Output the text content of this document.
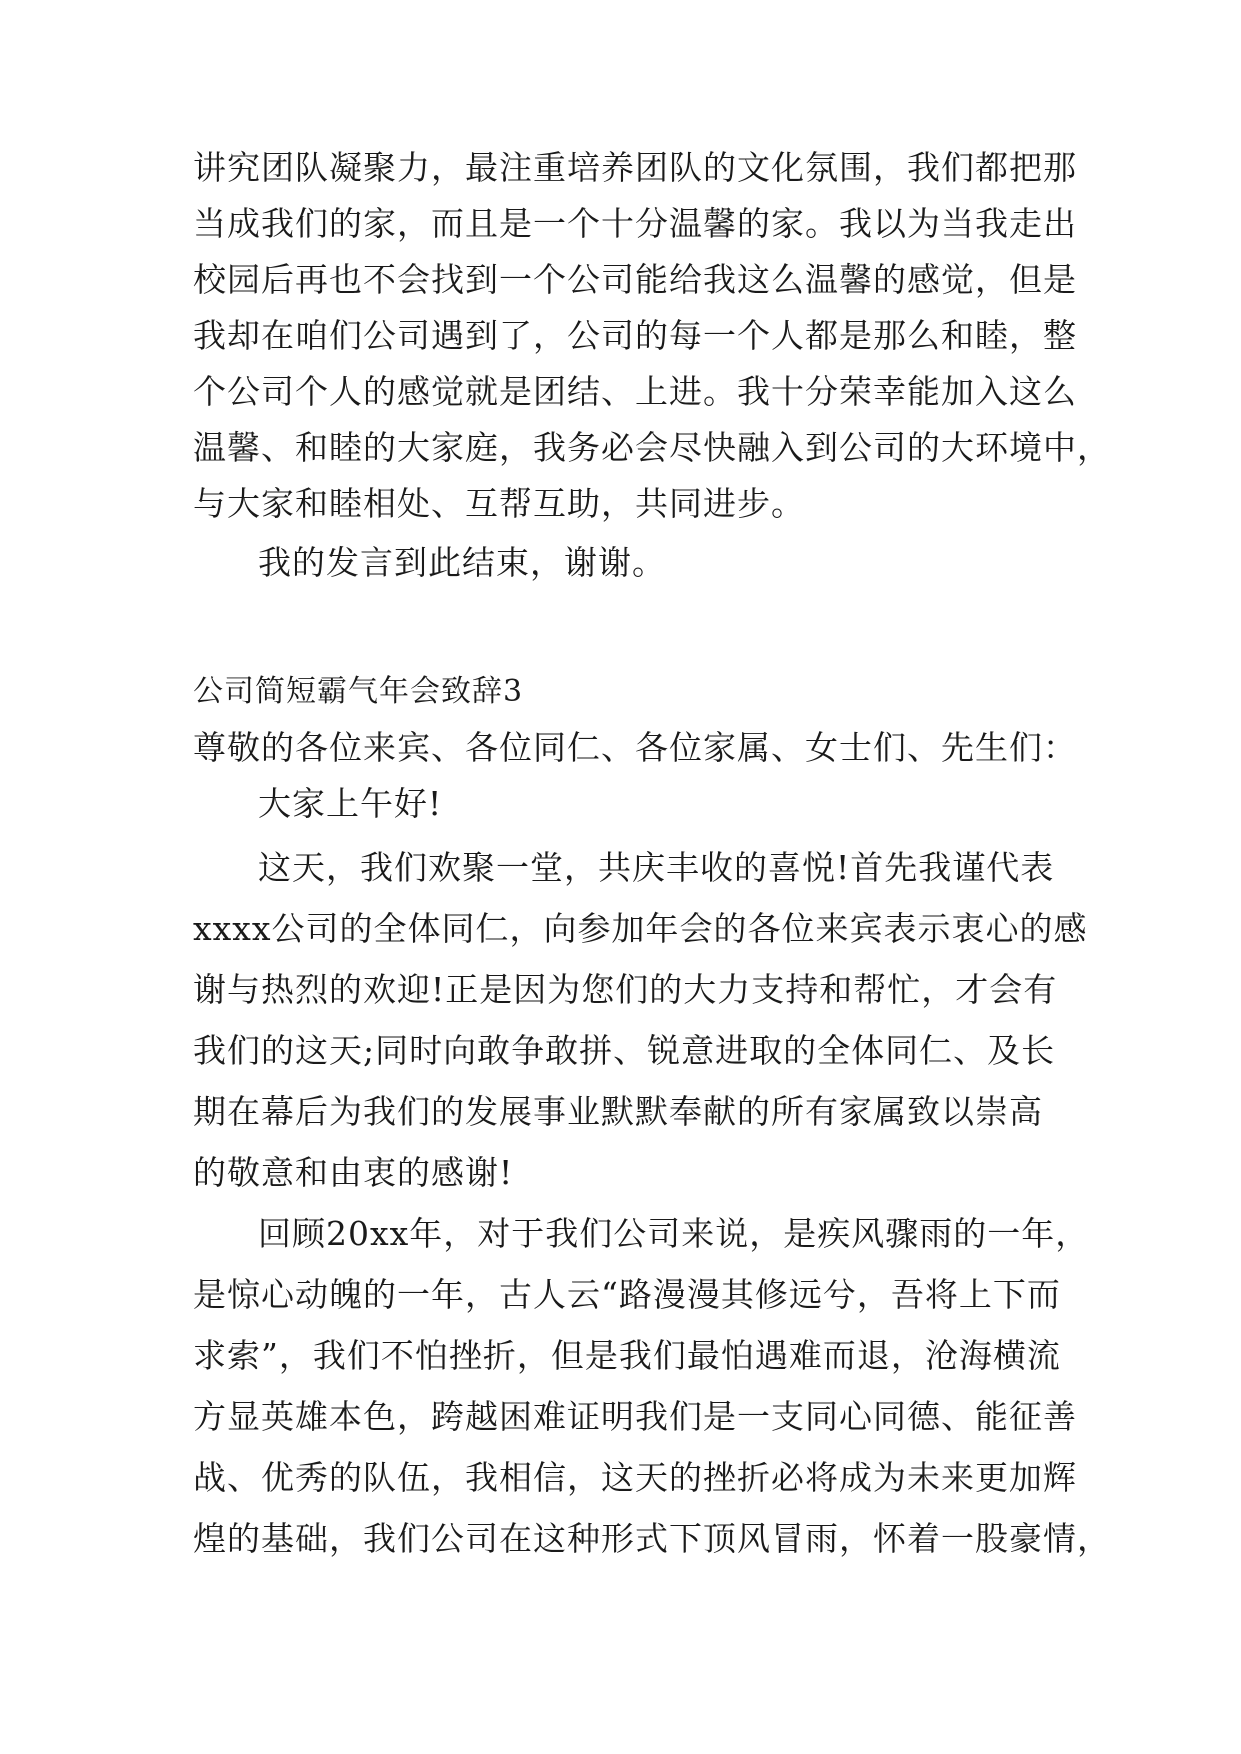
讲究团队凝聚力，最注重培养团队的文化氛围，我们都把那
当成我们的家，而且是一个十分温馨的家。我以为当我走出
校园后再也不会找到一个公司能给我这么温馨的感觉，但是
我却在咱们公司遇到了，公司的每一个人都是那么和睦，整
个公司个人的感觉就是团结、上进。我十分荣幸能加入这么
温馨、和睦的大家庭，我务必会尽快融入到公司的大环境中，
与大家和睦相处、互帮互助，共同进步。
我的发言到此结束，谢谢。
公司简短霸气年会致辞3
尊敬的各位来宾、各位同仁、各位家属、女士们、先生们：
大家上午好!
这天，我们欢聚一堂，共庆丰收的喜悦!首先我谨代表
xxxx公司的全体同仁，向参加年会的各位来宾表示衷心的感
谢与热烈的欢迎!正是因为您们的大力支持和帮忙，才会有
我们的这天;同时向敢争敢拼、锐意进取的全体同仁、及长
期在幕后为我们的发展事业默默奉献的所有家属致以崇高
的敬意和由衷的感谢!
回顾20xx年，对于我们公司来说，是疾风骤雨的一年，
是惊心动魄的一年，古人云“路漫漫其修远兮，吾将上下而
求索”，我们不怕挫折，但是我们最怕遇难而退，沧海横流
方显英雄本色，跨越困难证明我们是一支同心同德、能征善
战、优秀的队伍，我相信，这天的挫折必将成为未来更加辉
煌的基础，我们公司在这种形式下顶风冒雨，怀着一股豪情，
